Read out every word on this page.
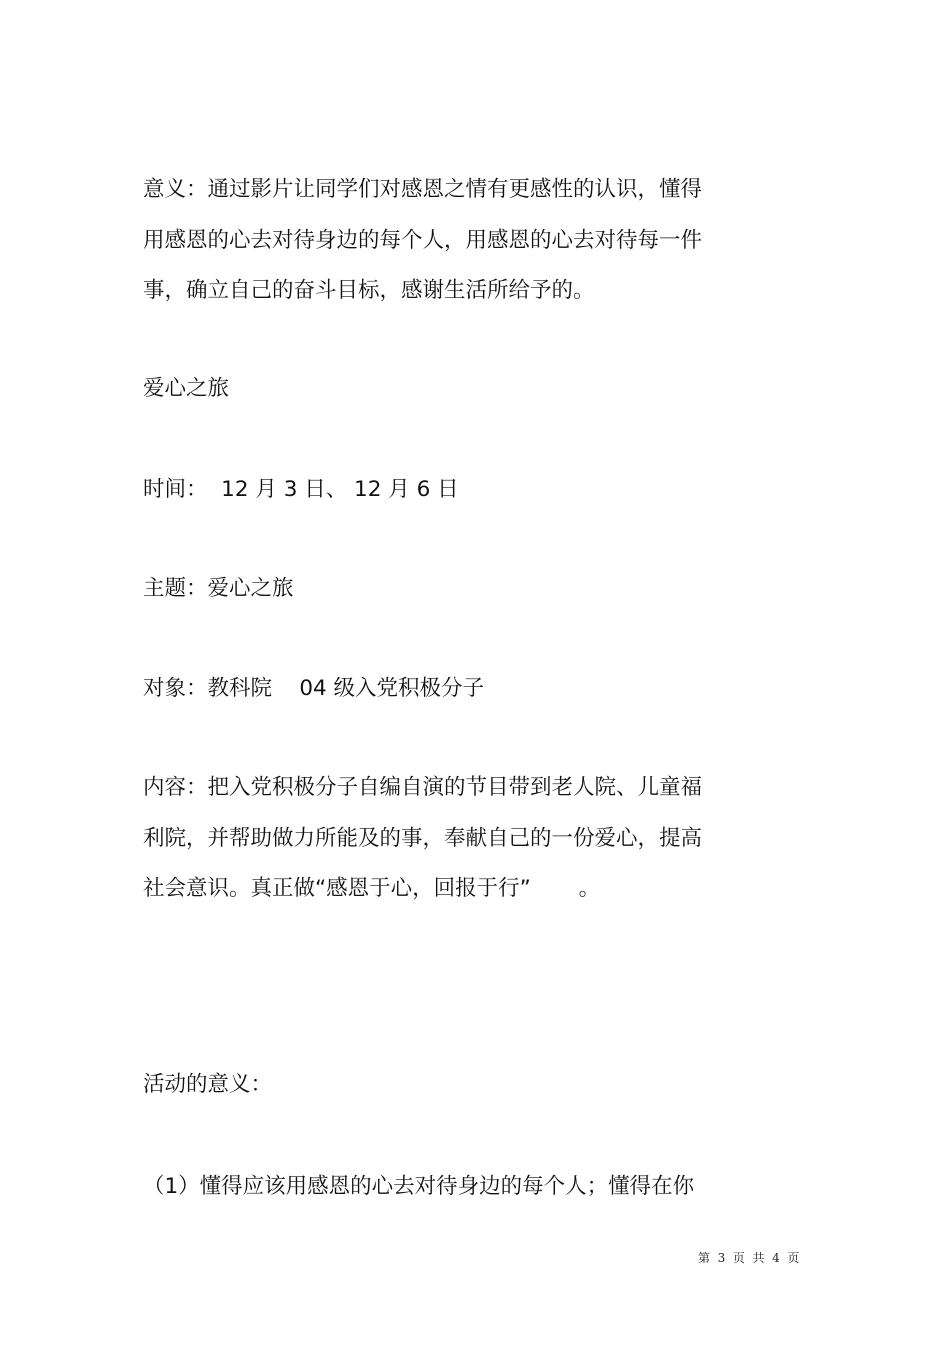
意义：通过影片让同学们对感恩之情有更感性的认识，懂得
用感恩的心去对待身边的每个人，用感恩的心去对待每一件
事，确立自己的奋斗目标，感谢生活所给予的。
爱心之旅
时间：  12 月 3 日、 12 月 6 日
主题：爱心之旅
对象：教科院    04 级入党积极分子
内容：把入党积极分子自编自演的节目带到老人院、儿童福
利院，并帮助做力所能及的事，奉献自己的一份爱心，提高
社会意识。真正做“感恩于心，回报于行”       。
活动的意义：
（1）懂得应该用感恩的心去对待身边的每个人；懂得在你
第  3  页  共  4  页
